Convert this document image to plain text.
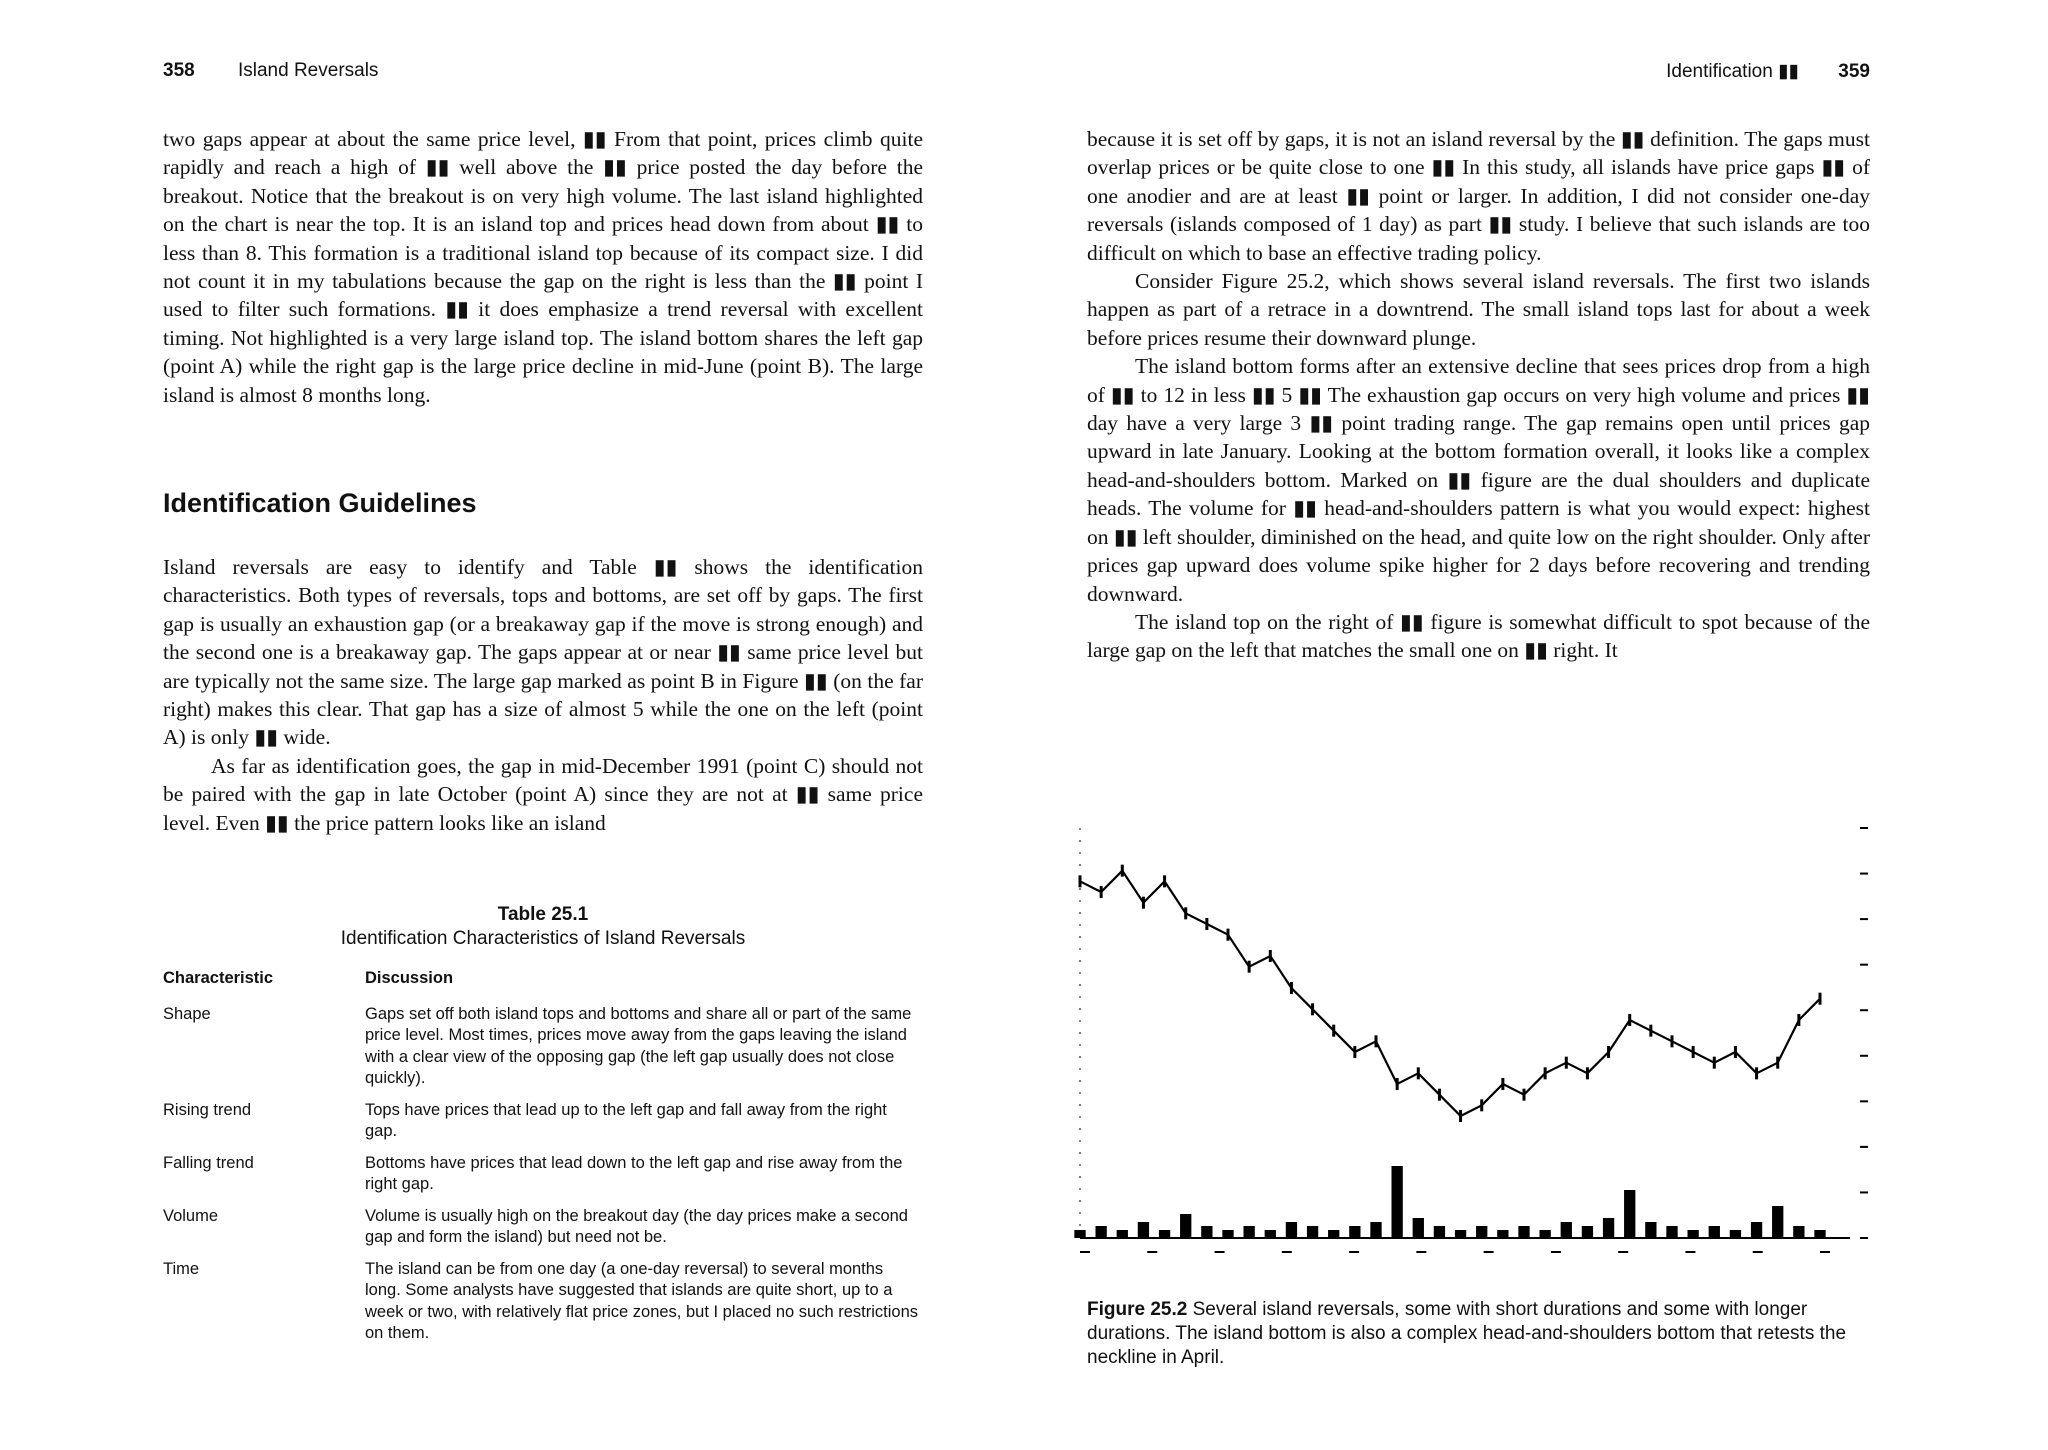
358 Island Reversals

two gaps appear at about the same price level, ▮▮ From that point, prices climb quite rapidly and reach a high of ▮▮ well above the ▮▮ price posted the day before the breakout. Notice that the breakout is on very high volume. The last island highlighted on the chart is near the top. It is an island top and prices head down from about ▮▮ to less than 8. This formation is a traditional island top because of its compact size. I did not count it in my tabulations because the gap on the right is less than the ▮▮ point I used to filter such formations. ▮▮ it does emphasize a trend reversal with excellent timing. Not highlighted is a very large island top. The island bottom shares the left gap (point A) while the right gap is the large price decline in mid-June (point B). The large island is almost 8 months long.

Identification Guidelines

Island reversals are easy to identify and Table ▮▮ shows the identification characteristics. Both types of reversals, tops and bottoms, are set off by gaps. The first gap is usually an exhaustion gap (or a breakaway gap if the move is strong enough) and the second one is a breakaway gap. The gaps appear at or near ▮▮ same price level but are typically not the same size. The large gap marked as point B in Figure ▮▮ (on the far right) makes this clear. That gap has a size of almost 5 while the one on the left (point A) is only ▮▮ wide.

As far as identification goes, the gap in mid-December 1991 (point C) should not be paired with the gap in late October (point A) since they are not at ▮▮ same price level. Even ▮▮ the price pattern looks like an island

Table 25.1
Identification Characteristics of Island Reversals
Characteristic	Discussion
Shape	Gaps set off both island tops and bottoms and share all or part of the same price level. Most times, prices move away from the gaps leaving the island with a clear view of the opposing gap (the left gap usually does not close quickly).
Rising trend	Tops have prices that lead up to the left gap and fall away from the right gap.
Falling trend	Bottoms have prices that lead down to the left gap and rise away from the right gap.
Volume	Volume is usually high on the breakout day (the day prices make a second gap and form the island) but need not be.
Time	The island can be from one day (a one-day reversal) to several months long. Some analysts have suggested that islands are quite short, up to a week or two, with relatively flat price zones, but I placed no such restrictions on them.
Identification ▮▮ 359

because it is set off by gaps, it is not an island reversal by the ▮▮ definition. The gaps must overlap prices or be quite close to one ▮▮ In this study, all islands have price gaps ▮▮ of one anodier and are at least ▮▮ point or larger. In addition, I did not consider one-day reversals (islands composed of 1 day) as part ▮▮ study. I believe that such islands are too difficult on which to base an effective trading policy.

Consider Figure 25.2, which shows several island reversals. The first two islands happen as part of a retrace in a downtrend. The small island tops last for about a week before prices resume their downward plunge.

The island bottom forms after an extensive decline that sees prices drop from a high of ▮▮ to 12 in less ▮▮ 5 ▮▮ The exhaustion gap occurs on very high volume and prices ▮▮ day have a very large 3 ▮▮ point trading range. The gap remains open until prices gap upward in late January. Looking at the bottom formation overall, it looks like a complex head-and-shoulders bottom. Marked on ▮▮ figure are the dual shoulders and duplicate heads. The volume for ▮▮ head-and-shoulders pattern is what you would expect: highest on ▮▮ left shoulder, diminished on the head, and quite low on the right shoulder. Only after prices gap upward does volume spike higher for 2 days before recovering and trending downward.

The island top on the right of ▮▮ figure is somewhat difficult to spot because of the large gap on the left that matches the small one on ▮▮ right. It

Figure 25.2 Several island reversals, some with short durations and some with longer durations. The island bottom is also a complex head-and-shoulders bottom that retests the neckline in April.
